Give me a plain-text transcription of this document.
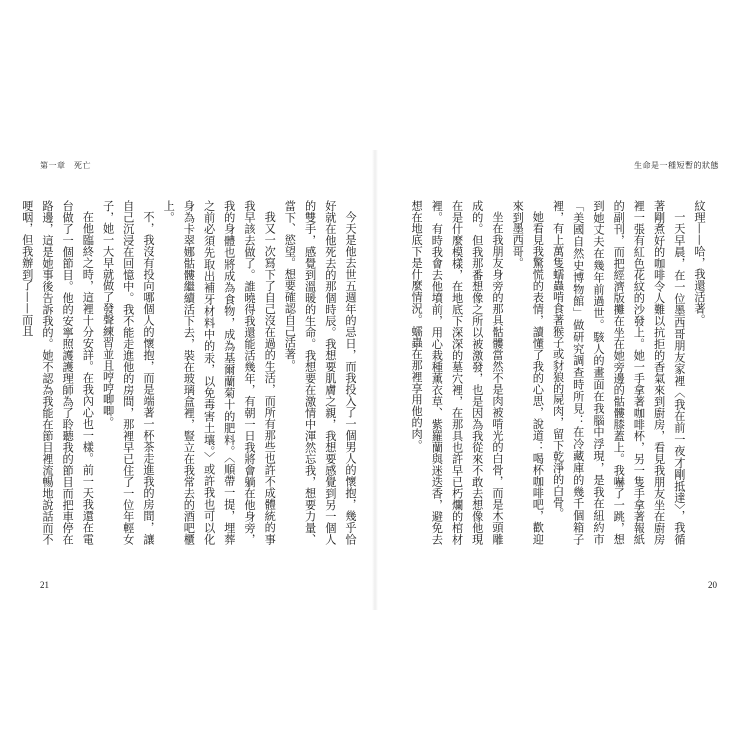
第一章　死亡

今天是他去世五週年的忌日，而我投入了一個男人的懷抱，幾乎恰好就在他死去的那個時辰。我想要肌膚之親，我想要感覺到另一個人的雙手，感覺到溫暖的生命。我想要在激情中渾然忘我，想要力量、當下、慾望。想要確認自己活著。

我又一次寫下了自己沒在過的生活，而所有那些也許不成體統的事我早該去做了。誰曉得我還能活幾年，有朝一日我將會躺在他身旁，我的身體也將成為食物，成為基爾蘭菊十的肥料。〈順帶一提，埋葬之前必須先取出補牙材料中的汞，以免毒害土壤。〉或許我也可以化身為卡翠娜骷髏繼續活下去，裝在玻璃盒裡，豎立在我常去的酒吧櫃上。

不，我沒有投向哪個人的懷抱，而是端著一杯茶走進我的房間，讓自己沉浸在回憶中。我不能走進他的房間，那裡早已住了一位年輕女子，她一大早就做了發聲練習並且哼哼唧唧。

在他臨終之時，這裡十分安詳。在我內心也一樣。前一天我還在電台做了一個節目。他的安寧照護護理師為了聆聽我的節目而把車停在路邊，這是她事後告訴我的。她不認為我能在節目裡流暢地說話而不哽咽，但我辦到了——而且

21
生命是一種短暫的狀態

紋理——哈，我還活著。

一天早晨，在一位墨西哥朋友家裡〈我在前一夜才剛抵達〉，我循著剛煮好的咖啡令人難以抗拒的香氣來到廚房，看見我朋友坐在廚房裡一張有紅色花紋的沙發上。她一手拿著咖啡杯，另一隻手拿著報紙的副刊，而把經濟版攤在坐在她旁邊的骷髏膝蓋上。我嚇了一跳，想到她丈夫在幾年前過世。駭人的畫面在我腦中浮現，是我在紐約市「美國自然史博物館」做研究調查時所見：在冷藏庫的幾千個箱子裡，有上萬隻蠕蟲啃食著猴子或豺狼的屍肉，留下乾淨的白骨。

她看見我驚慌的表情，讀懂了我的心思，說道：喝杯咖啡吧，歡迎來到墨西哥。

坐在我朋友身旁的那具骷髏當然不是肉被啃光的白骨，而是木頭雕成的。但我那番想像之所以被激發，也是因為我從來不敢去想像他現在是什麼模樣，在地底下深深的墓穴裡，在那具也許早已朽爛的棺材裡。有時我會去他墳前，用心栽種薰衣草、紫羅蘭與迷迭香，避免去想在地底下是什麼情況。蠕蟲在那裡享用他的肉。

20
